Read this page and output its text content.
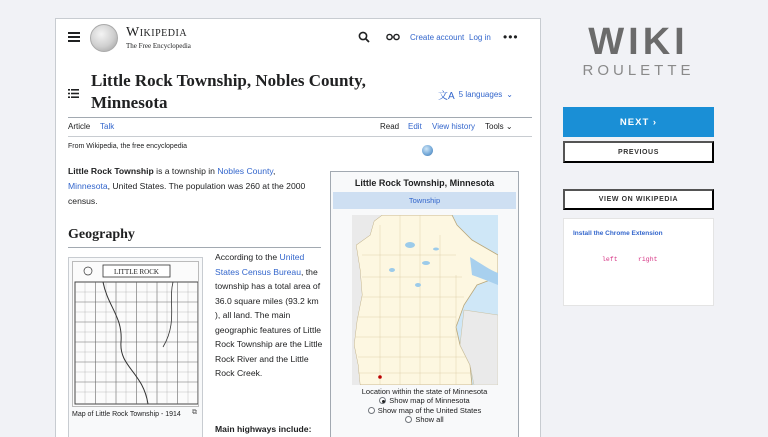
Wikipedia
The Free Encyclopedia
Create account Log in •••
Little Rock Township, Nobles County,
Minnesota	文A 5 languages ⌄
Article Talk	Read Edit View history Tools ⌄
From Wikipedia, the free encyclopedia

Little Rock Township is a township in Nobles County, Minnesota, United States. The population was 260 at the 2000 census.

Geography
LITTLE ROCK
Map of Little Rock Township - 1914	⧉

According to the United States Census Bureau, the township has a total area of 36.0 square miles (93.2 km ), all land. The main geographic features of Little Rock Township are the Little Rock River and the Little Rock Creek.

Main highways include:
Little Rock Township, Minnesota
Township
Location within the state of Minnesota
Show map of Minnesota
Show map of the United States
Show all
WIKI
ROULETTE
NEXT
›
PREVIOUS
VIEW ON WIKIPEDIA
Install the Chrome Extension
left	right
